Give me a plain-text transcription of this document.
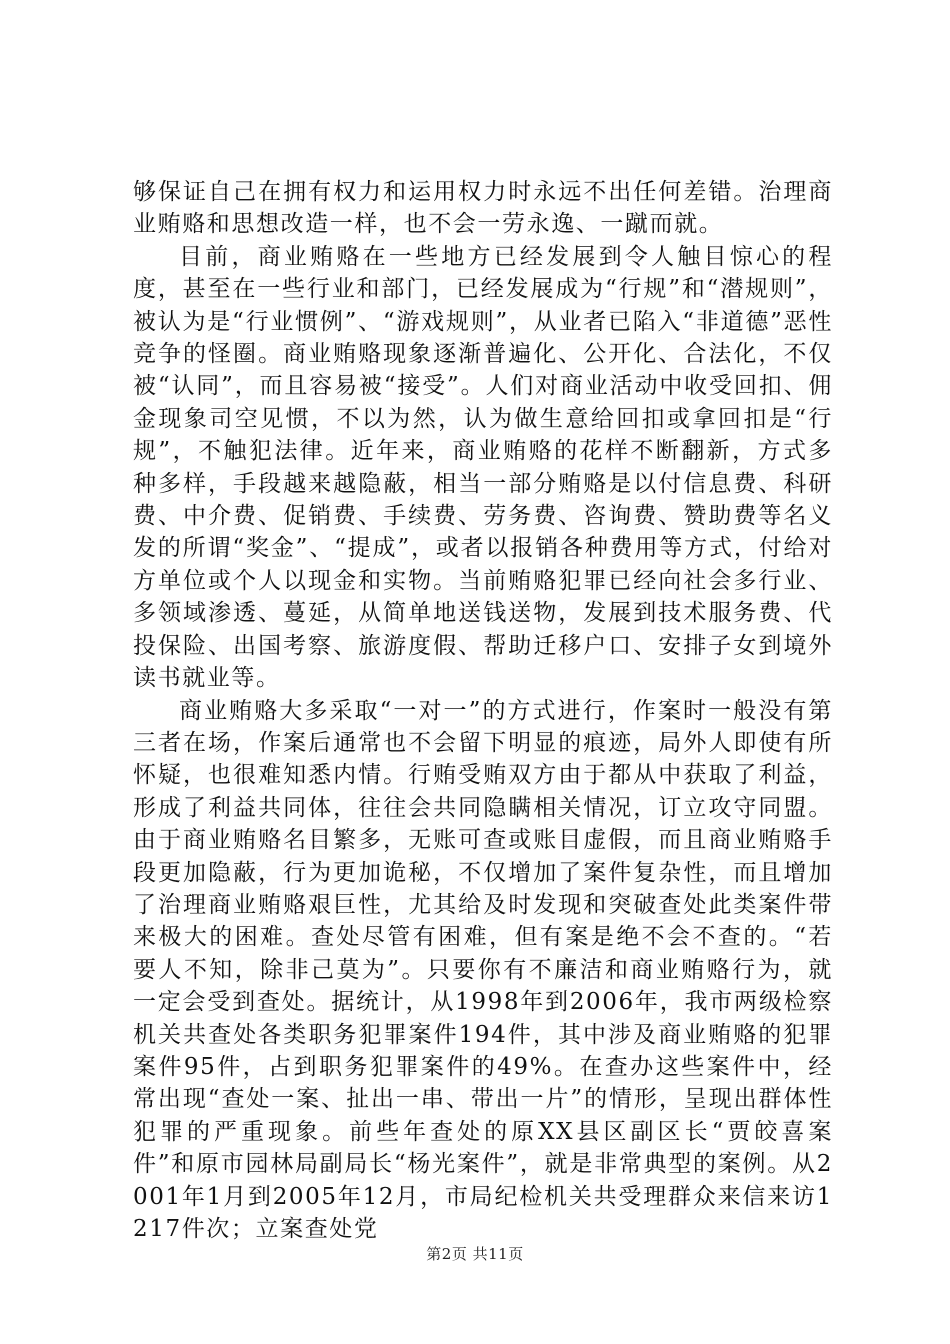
够保证自己在拥有权力和运用权力时永远不出任何差错。治理商业贿赂和思想改造一样，也不会一劳永逸、一蹴而就。

目前，商业贿赂在一些地方已经发展到令人触目惊心的程度，甚至在一些行业和部门，已经发展成为“行规”和“潜规则”，被认为是“行业惯例”、“游戏规则”，从业者已陷入“非道德”恶性竞争的怪圈。商业贿赂现象逐渐普遍化、公开化、合法化，不仅被“认同”，而且容易被“接受”。人们对商业活动中收受回扣、佣金现象司空见惯，不以为然，认为做生意给回扣或拿回扣是“行规”，不触犯法律。近年来，商业贿赂的花样不断翻新，方式多种多样，手段越来越隐蔽，相当一部分贿赂是以付信息费、科研费、中介费、促销费、手续费、劳务费、咨询费、赞助费等名义发的所谓“奖金”、“提成”，或者以报销各种费用等方式，付给对方单位或个人以现金和实物。当前贿赂犯罪已经向社会多行业、多领域渗透、蔓延，从简单地送钱送物，发展到技术服务费、代投保险、出国考察、旅游度假、帮助迁移户口、安排子女到境外读书就业等。

商业贿赂大多采取“一对一”的方式进行，作案时一般没有第三者在场，作案后通常也不会留下明显的痕迹，局外人即使有所怀疑，也很难知悉内情。行贿受贿双方由于都从中获取了利益，形成了利益共同体，往往会共同隐瞒相关情况，订立攻守同盟。由于商业贿赂名目繁多，无账可查或账目虚假，而且商业贿赂手段更加隐蔽，行为更加诡秘，不仅增加了案件复杂性，而且增加了治理商业贿赂艰巨性，尤其给及时发现和突破查处此类案件带来极大的困难。查处尽管有困难，但有案是绝不会不查的。“若要人不知，除非己莫为”。只要你有不廉洁和商业贿赂行为，就一定会受到查处。据统计，从1998年到2006年，我市两级检察机关共查处各类职务犯罪案件194件，其中涉及商业贿赂的犯罪案件95件，占到职务犯罪案件的49%。在查办这些案件中，经常出现“查处一案、扯出一串、带出一片”的情形，呈现出群体性犯罪的严重现象。前些年查处的原XX县区副区长“贾皎喜案件”和原市园林局副局长“杨光案件”，就是非常典型的案例。从2001年1月到2005年12月，市局纪检机关共受理群众来信来访1217件次；立案查处党

第2页 共11页
